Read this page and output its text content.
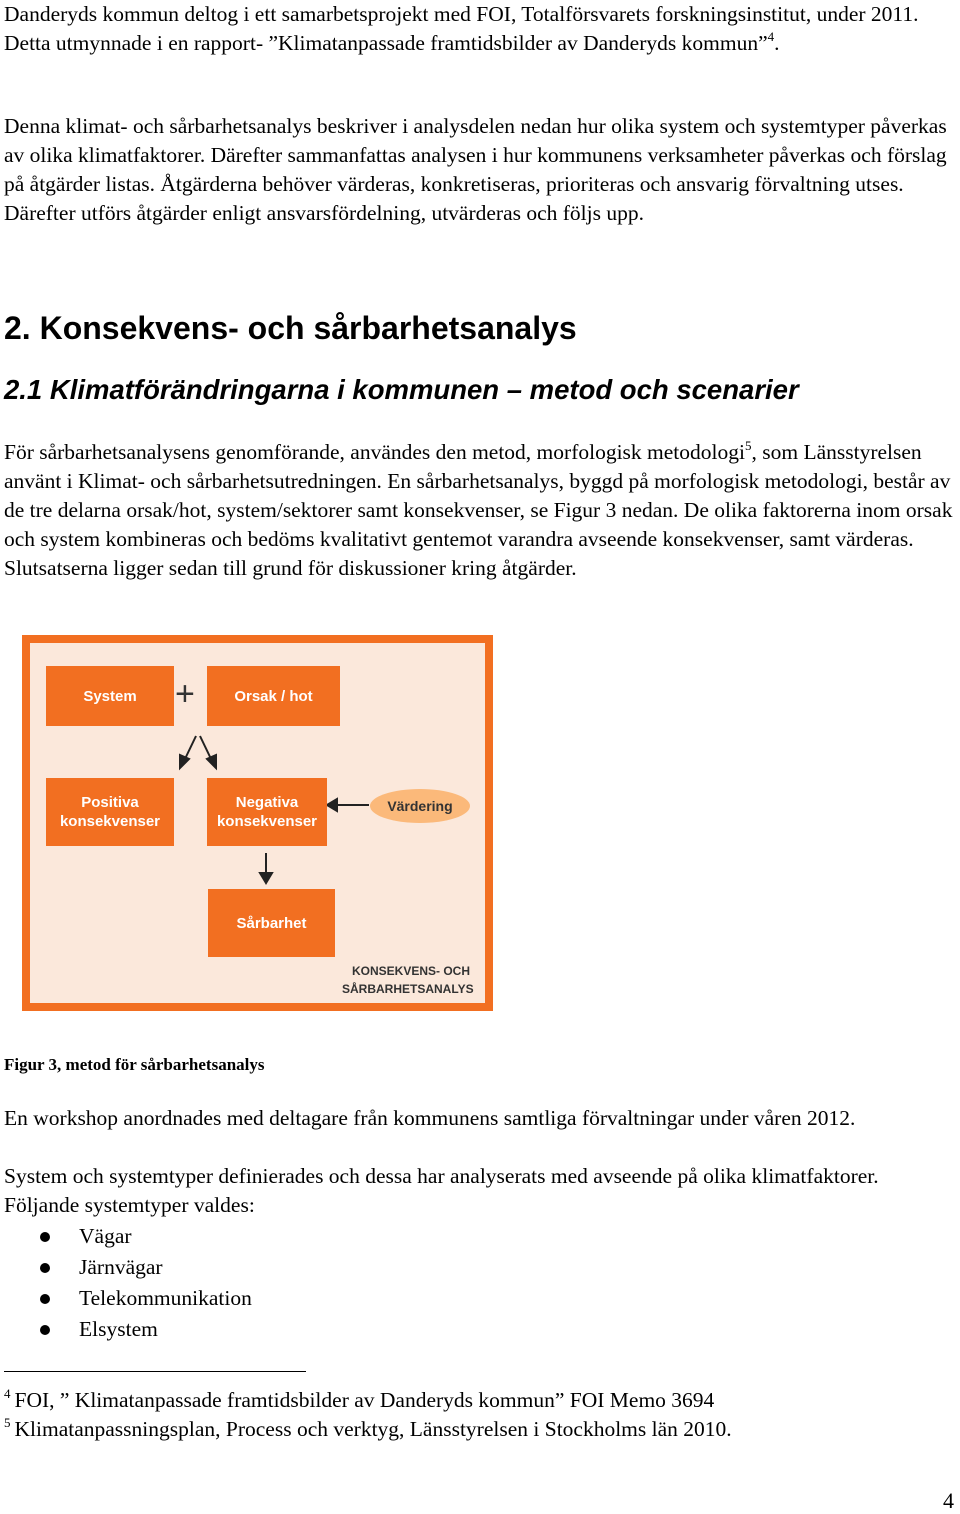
Danderyds kommun deltog i ett samarbetsprojekt med FOI, Totalförsvarets forskningsinstitut, under 2011. Detta utmynnade i en rapport- ”Klimatanpassade framtidsbilder av Danderyds kommun”$^4$.

Denna klimat- och sårbarhetsanalys beskriver i analysdelen nedan hur olika system och systemtyper påverkas av olika klimatfaktorer. Därefter sammanfattas analysen i hur kommunens verksamheter påverkas och förslag på åtgärder listas. Åtgärderna behöver värderas, konkretiseras, prioriteras och ansvarig förvaltning utses. Därefter utförs åtgärder enligt ansvarsfördelning, utvärderas och följs upp.

2. Konsekvens- och sårbarhetsanalys
2.1 Klimatförändringarna i kommunen – metod och scenarier

För sårbarhetsanalysens genomförande, användes den metod, morfologisk metodologi$^5$, som Länsstyrelsen använt i Klimat- och sårbarhetsutredningen. En sårbarhetsanalys, byggd på morfologisk metodologi, består av de tre delarna orsak/hot, system/sektorer samt konsekvenser, se Figur 3 nedan. De olika faktorerna inom orsak och system kombineras och bedöms kvalitativt gentemot varandra avseende konsekvenser, samt värderas. Slutsatserna ligger sedan till grund för diskussioner kring åtgärder.

System	+	Orsak / hot
Positiva konsekvenser
Negativa konsekvenser
Värdering
Sårbarhet
KONSEKVENS- OCH
SÅRBARHETSANALYS

Figur 3, metod för sårbarhetsanalys

En workshop anordnades med deltagare från kommunens samtliga förvaltningar under våren 2012.

System och systemtyper definierades och dessa har analyserats med avseende på olika klimatfaktorer. Följande systemtyper valdes:

Vägar
Järnvägar
Telekommunikation
Elsystem

$^4$ FOI, ” Klimatanpassade framtidsbilder av Danderyds kommun” FOI Memo 3694

$^5$ Klimatanpassningsplan, Process och verktyg, Länsstyrelsen i Stockholms län 2010.

4
